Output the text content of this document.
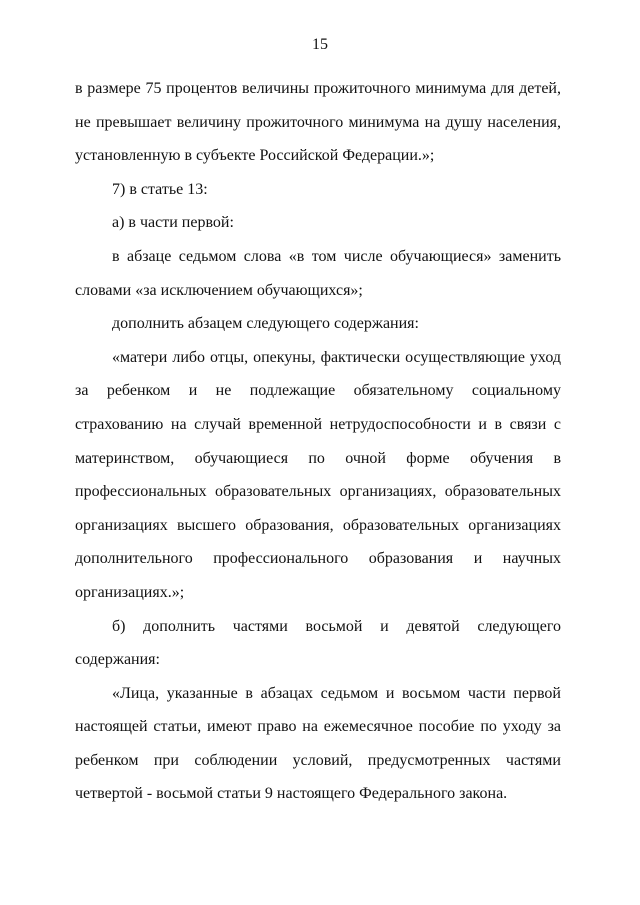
15

в размере 75 процентов величины прожиточного минимума для детей, не превышает величину прожиточного минимума на душу населения, установленную в субъекте Российской Федерации.»;

7) в статье 13:

а) в части первой:

в абзаце седьмом слова «в том числе обучающиеся» заменить словами «за исключением обучающихся»;

дополнить абзацем следующего содержания:

«матери либо отцы, опекуны, фактически осуществляющие уход за ребенком и не подлежащие обязательному социальному страхованию на случай временной нетрудоспособности и в связи с материнством, обучающиеся по очной форме обучения в профессиональных образовательных организациях, образовательных организациях высшего образования, образовательных организациях дополнительного профессионального образования и научных организациях.»;

б) дополнить частями восьмой и девятой следующего содержания:

«Лица, указанные в абзацах седьмом и восьмом части первой настоящей статьи, имеют право на ежемесячное пособие по уходу за ребенком при соблюдении условий, предусмотренных частями четвертой - восьмой статьи 9 настоящего Федерального закона.
